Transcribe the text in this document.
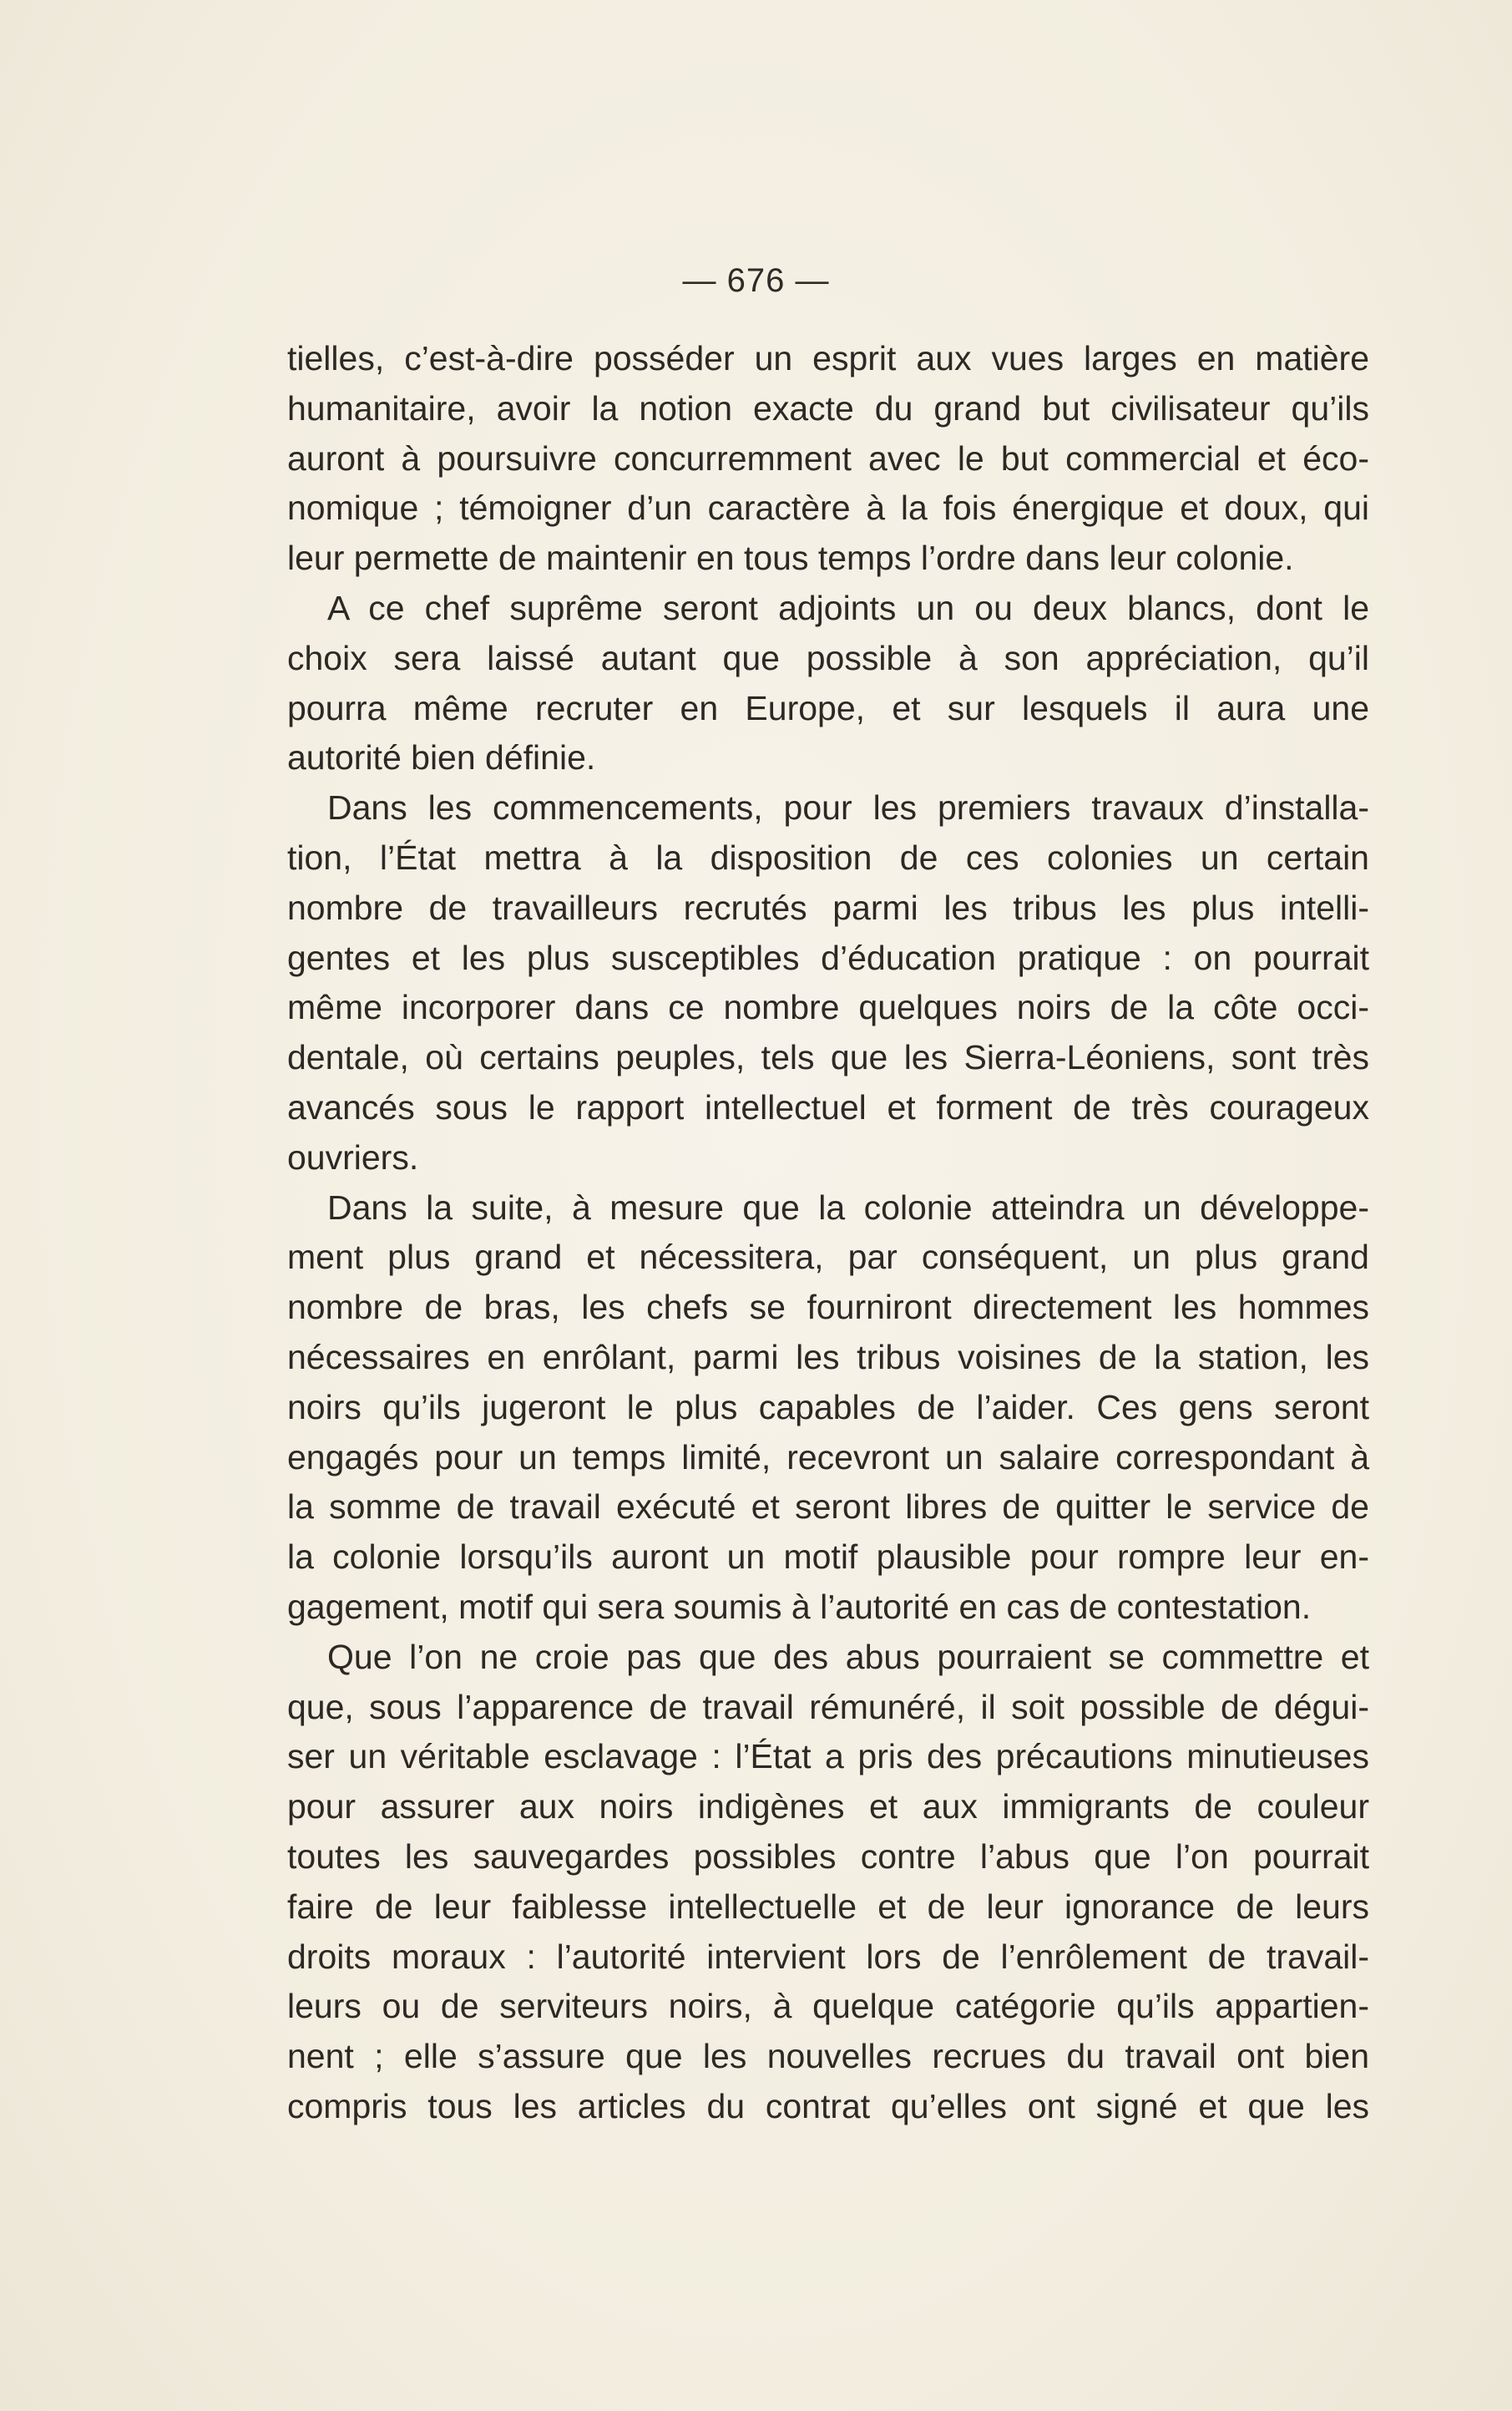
— 676 —
tielles, c’est-à-dire posséder un esprit aux vues larges en matière
humanitaire, avoir la notion exacte du grand but civilisateur qu’ils
auront à poursuivre concurremment avec le but commercial et éco-
nomique ; témoigner d’un caractère à la fois énergique et doux, qui
leur permette de maintenir en tous temps l’ordre dans leur colonie.
A ce chef suprême seront adjoints un ou deux blancs, dont le
choix sera laissé autant que possible à son appréciation, qu’il
pourra même recruter en Europe, et sur lesquels il aura une
autorité bien définie.
Dans les commencements, pour les premiers travaux d’installa-
tion, l’État mettra à la disposition de ces colonies un certain
nombre de travailleurs recrutés parmi les tribus les plus intelli-
gentes et les plus susceptibles d’éducation pratique : on pourrait
même incorporer dans ce nombre quelques noirs de la côte occi-
dentale, où certains peuples, tels que les Sierra-Léoniens, sont très
avancés sous le rapport intellectuel et forment de très courageux
ouvriers.
Dans la suite, à mesure que la colonie atteindra un développe-
ment plus grand et nécessitera, par conséquent, un plus grand
nombre de bras, les chefs se fourniront directement les hommes
nécessaires en enrôlant, parmi les tribus voisines de la station, les
noirs qu’ils jugeront le plus capables de l’aider. Ces gens seront
engagés pour un temps limité, recevront un salaire correspondant à
la somme de travail exécuté et seront libres de quitter le service de
la colonie lorsqu’ils auront un motif plausible pour rompre leur en-
gagement, motif qui sera soumis à l’autorité en cas de contestation.
Que l’on ne croie pas que des abus pourraient se commettre et
que, sous l’apparence de travail rémunéré, il soit possible de dégui-
ser un véritable esclavage : l’État a pris des précautions minutieuses
pour assurer aux noirs indigènes et aux immigrants de couleur
toutes les sauvegardes possibles contre l’abus que l’on pourrait
faire de leur faiblesse intellectuelle et de leur ignorance de leurs
droits moraux : l’autorité intervient lors de l’enrôlement de travail-
leurs ou de serviteurs noirs, à quelque catégorie qu’ils appartien-
nent ; elle s’assure que les nouvelles recrues du travail ont bien
compris tous les articles du contrat qu’elles ont signé et que les
